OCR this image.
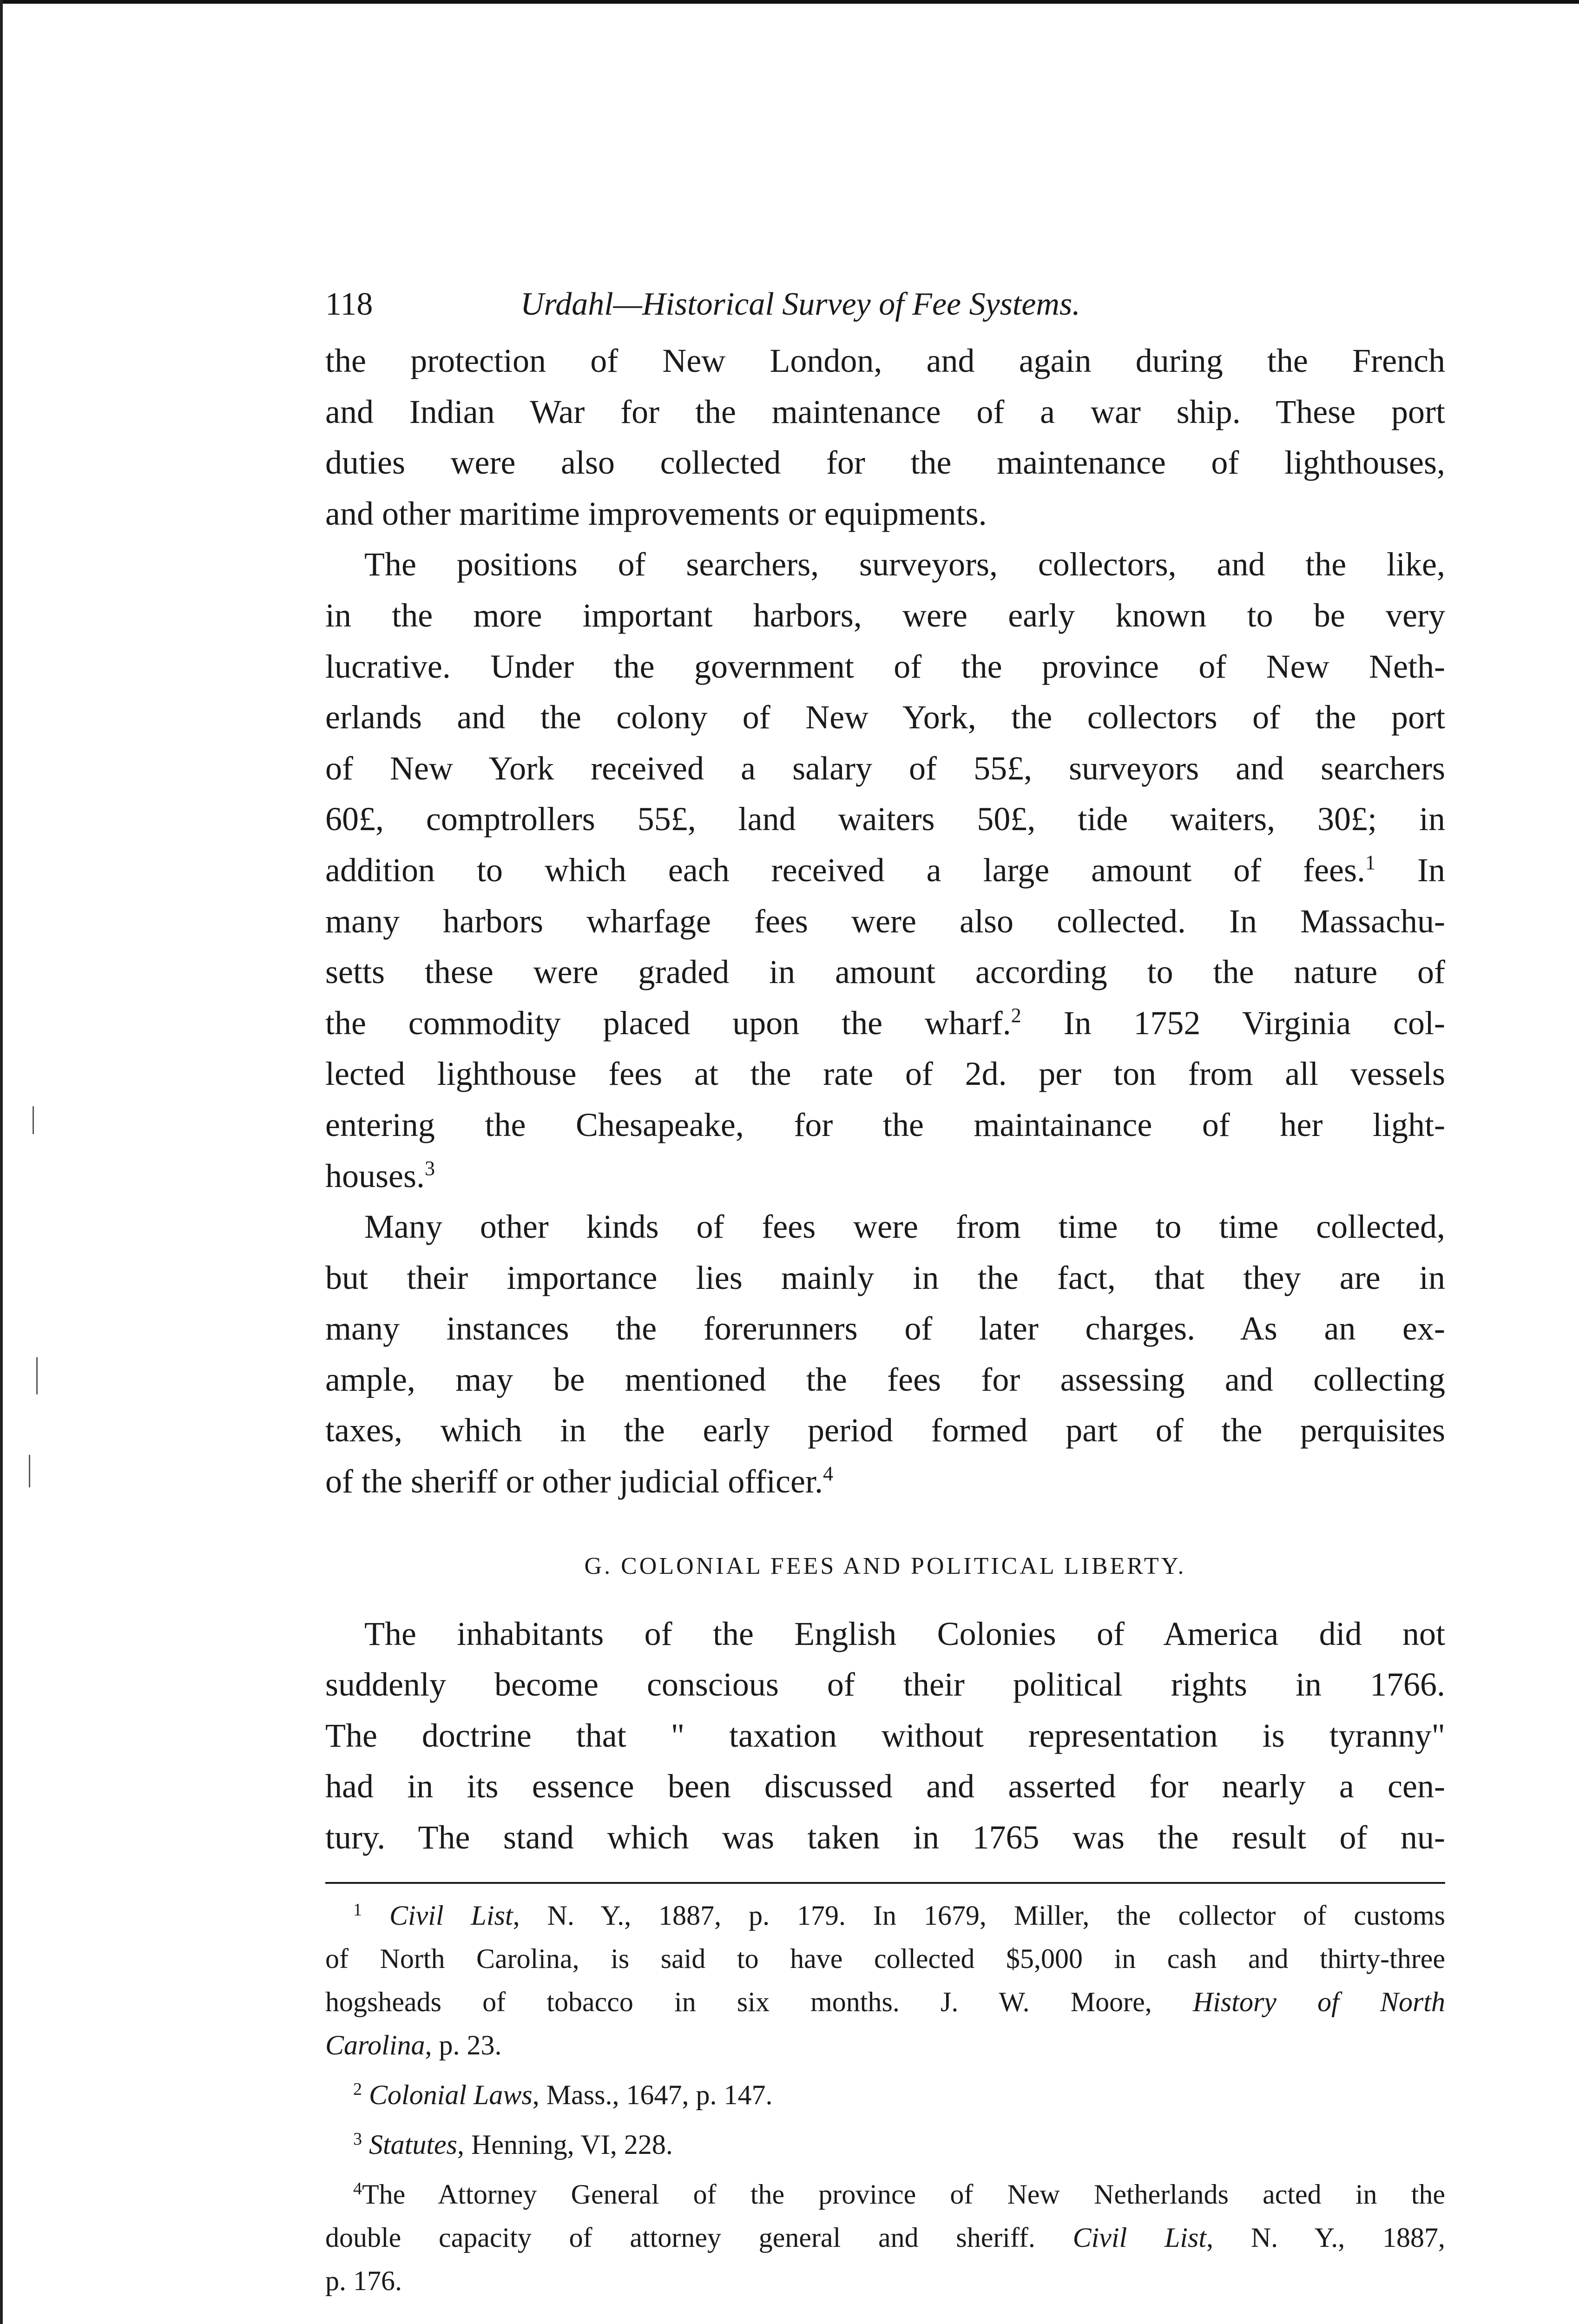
118	Urdahl—Historical Survey of Fee Systems.

the protection of New London, and again during the French
and Indian War for the maintenance of a war ship. These port
duties were also collected for the maintenance of lighthouses,
and other maritime improvements or equipments.

The positions of searchers, surveyors, collectors, and the like,
in the more important harbors, were early known to be very
lucrative. Under the government of the province of New Neth-
erlands and the colony of New York, the collectors of the port
of New York received a salary of 55£, surveyors and searchers
60£, comptrollers 55£, land waiters 50£, tide waiters, 30£; in
addition to which each received a large amount of fees.$^1$ In
many harbors wharfage fees were also collected. In Massachu-
setts these were graded in amount according to the nature of
the commodity placed upon the wharf.$^2$ In 1752 Virginia col-
lected lighthouse fees at the rate of 2d. per ton from all vessels
entering the Chesapeake, for the maintainance of her light-
houses.$^3$

Many other kinds of fees were from time to time collected,
but their importance lies mainly in the fact, that they are in
many instances the forerunners of later charges. As an ex-
ample, may be mentioned the fees for assessing and collecting
taxes, which in the early period formed part of the perquisites
of the sheriff or other judicial officer.$^4$

G. COLONIAL FEES AND POLITICAL LIBERTY.

The inhabitants of the English Colonies of America did not
suddenly become conscious of their political rights in 1766.
The doctrine that " taxation without representation is tyranny"
had in its essence been discussed and asserted for nearly a cen-
tury. The stand which was taken in 1765 was the result of nu-

$^1$ Civil List, N. Y., 1887, p. 179. In 1679, Miller, the collector of customs
of North Carolina, is said to have collected $5,000 in cash and thirty-three
hogsheads of tobacco in six months. J. W. Moore, History of North
Carolina, p. 23.
$^2$ Colonial Laws, Mass., 1647, p. 147.
$^3$ Statutes, Henning, VI, 228.
$^4$The Attorney General of the province of New Netherlands acted in the
double capacity of attorney general and sheriff. Civil List, N. Y., 1887,
p. 176.
